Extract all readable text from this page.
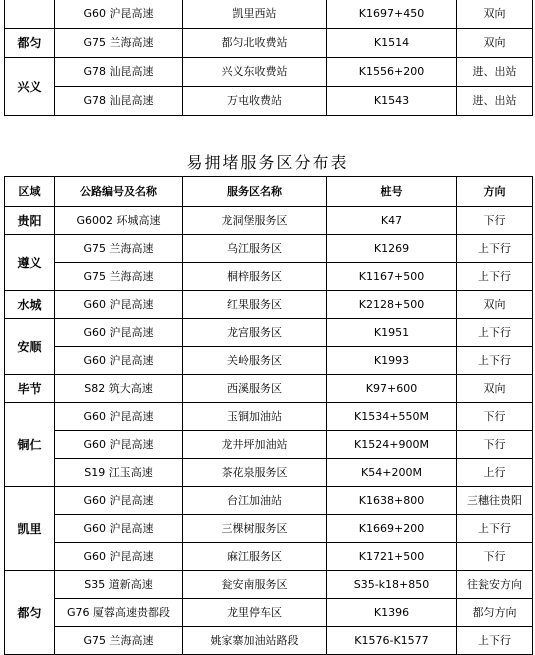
	G60 沪昆高速	凯里西站	K1697+450	双向
都匀	G75 兰海高速	都匀北收费站	K1514	双向
兴义	G78 汕昆高速	兴义东收费站	K1556+200	进、出站
	G78 汕昆高速	万屯收费站	K1543	进、出站
易拥堵服务区分布表
区域	公路编号及名称	服务区名称	桩号	方向
贵阳	G6002 环城高速	龙洞堡服务区	K47	下行
遵义	G75 兰海高速	乌江服务区	K1269	上下行
	G75 兰海高速	桐梓服务区	K1167+500	上下行
水城	G60 沪昆高速	红果服务区	K2128+500	双向
安顺	G60 沪昆高速	龙宫服务区	K1951	上下行
	G60 沪昆高速	关岭服务区	K1993	上下行
毕节	S82 筑大高速	西溪服务区	K97+600	双向
铜仁	G60 沪昆高速	玉铜加油站	K1534+550M	下行
	G60 沪昆高速	龙井坪加油站	K1524+900M	下行
	S19 江玉高速	茶花泉服务区	K54+200M	上行
凯里	G60 沪昆高速	台江加油站	K1638+800	三穗往贵阳
	G60 沪昆高速	三棵树服务区	K1669+200	上下行
	G60 沪昆高速	麻江服务区	K1721+500	下行
都匀	S35 道新高速	瓮安南服务区	S35-k18+850	往瓮安方向
	G76 厦蓉高速贵都段	龙里停车区	K1396	都匀方向
	G75 兰海高速	姚家寨加油站路段	K1576-K1577	上下行
